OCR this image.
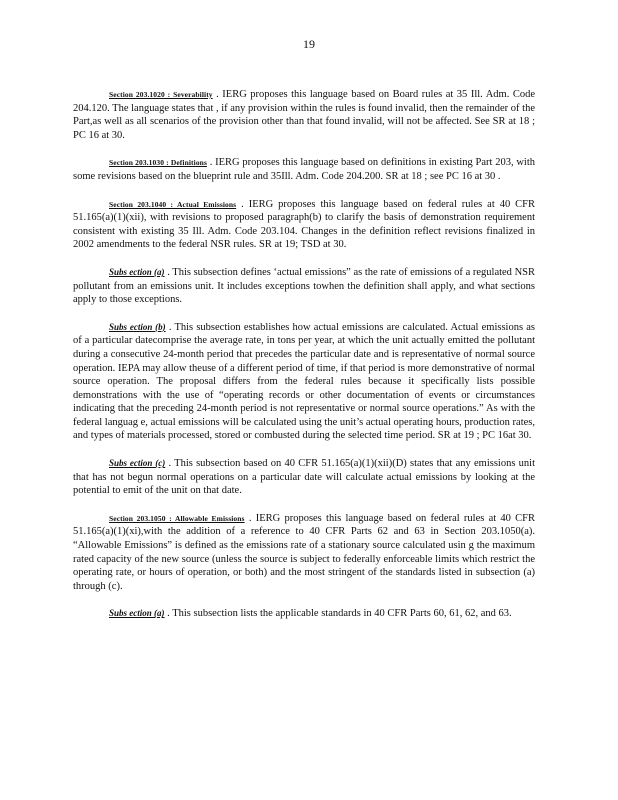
19

Section 203.1020 : Severability . IERG proposes this language based on Board rules at 35 Ill. Adm. Code 204.120. The language states that , if any provision within the rules is found invalid, then the remainder of the Part,as well as all scenarios of the provision other than that found invalid, will not be affected. See SR at 18 ; PC 16 at 30.

Section 203.1030 : Definitions . IERG proposes this language based on definitions in existing Part 203, with some revisions based on the blueprint rule and 35Ill. Adm. Code 204.200. SR at 18 ; see PC 16 at 30 .

Section 203.1040 : Actual Emissions . IERG proposes this language based on federal rules at 40 CFR 51.165(a)(1)(xii), with revisions to proposed paragraph(b) to clarify the basis of demonstration requirement consistent with existing 35 Ill. Adm. Code 203.104. Changes in the definition reflect revisions finalized in 2002 amendments to the federal NSR rules. SR at 19; TSD at 30.

Subs ection (a) . This subsection defines ‘actual emissions” as the rate of emissions of a regulated NSR pollutant from an emissions unit. It includes exceptions towhen the definition shall apply, and what sections apply to those exceptions.

Subs ection (b) . This subsection establishes how actual emissions are calculated. Actual emissions as of a particular datecomprise the average rate, in tons per year, at which the unit actually emitted the pollutant during a consecutive 24-month period that precedes the particular date and is representative of normal source operation. IEPA may allow theuse of a different period of time, if that period is more demonstrative of normal source operation. The proposal differs from the federal rules because it specifically lists possible demonstrations with the use of “operating records or other documentation of events or circumstances indicating that the preceding 24-month period is not representative or normal source operations.” As with the federal languag e, actual emissions will be calculated using the unit’s actual operating hours, production rates, and types of materials processed, stored or combusted during the selected time period. SR at 19 ; PC 16at 30.

Subs ection (c) . This subsection based on 40 CFR 51.165(a)(1)(xii)(D) states that any emissions unit that has not begun normal operations on a particular date will calculate actual emissions by looking at the potential to emit of the unit on that date.

Section 203.1050 : Allowable Emissions . IERG proposes this language based on federal rules at 40 CFR 51.165(a)(1)(xi),with the addition of a reference to 40 CFR Parts 62 and 63 in Section 203.1050(a). “Allowable Emissions” is defined as the emissions rate of a stationary source calculated usin g the maximum rated capacity of the new source (unless the source is subject to federally enforceable limits which restrict the operating rate, or hours of operation, or both) and the most stringent of the standards listed in subsection (a) through (c).

Subs ection (a) . This subsection lists the applicable standards in 40 CFR Parts 60, 61, 62, and 63.
